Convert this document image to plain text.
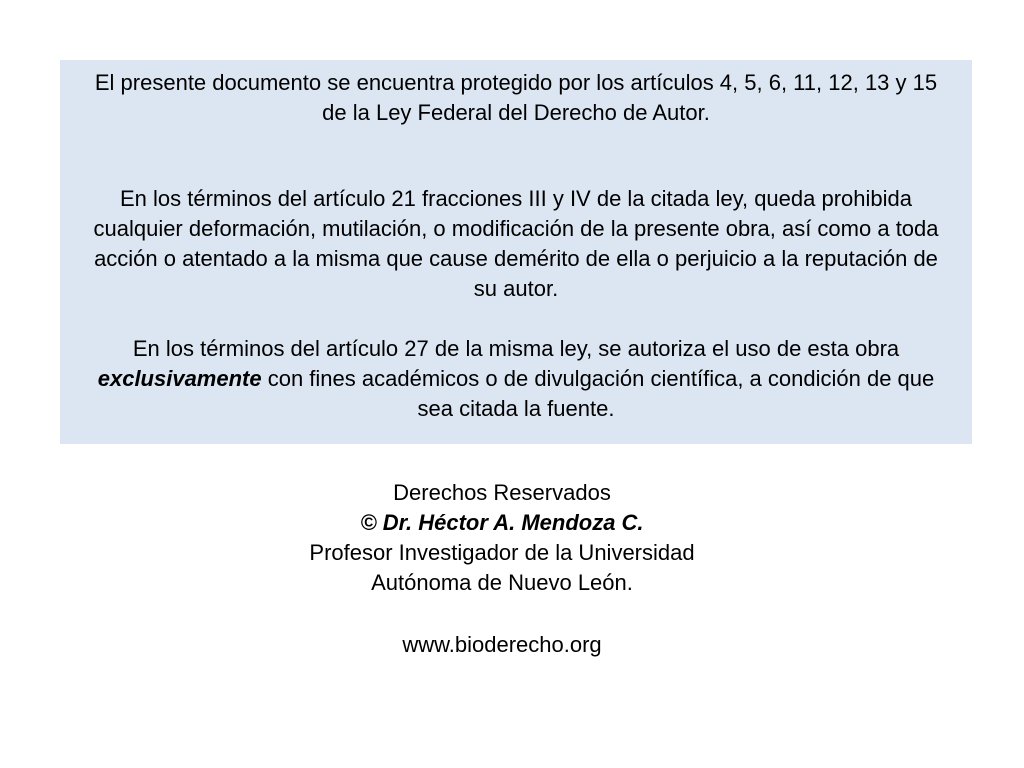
El presente documento se encuentra protegido por los artículos 4, 5, 6, 11, 12, 13 y 15 de la Ley Federal del Derecho de Autor.

En los términos del artículo 21 fracciones III y IV de la citada ley, queda prohibida cualquier deformación, mutilación, o modificación de la presente obra, así como a toda acción o atentado a la misma que cause demérito de ella o perjuicio a la reputación de su autor.

En los términos del artículo 27 de la misma ley, se autoriza el uso de esta obra exclusivamente con fines académicos o de divulgación científica, a condición de que sea citada la fuente.

Derechos Reservados
© Dr. Héctor A. Mendoza C.
Profesor Investigador de la Universidad
Autónoma de Nuevo León.
www.bioderecho.org
